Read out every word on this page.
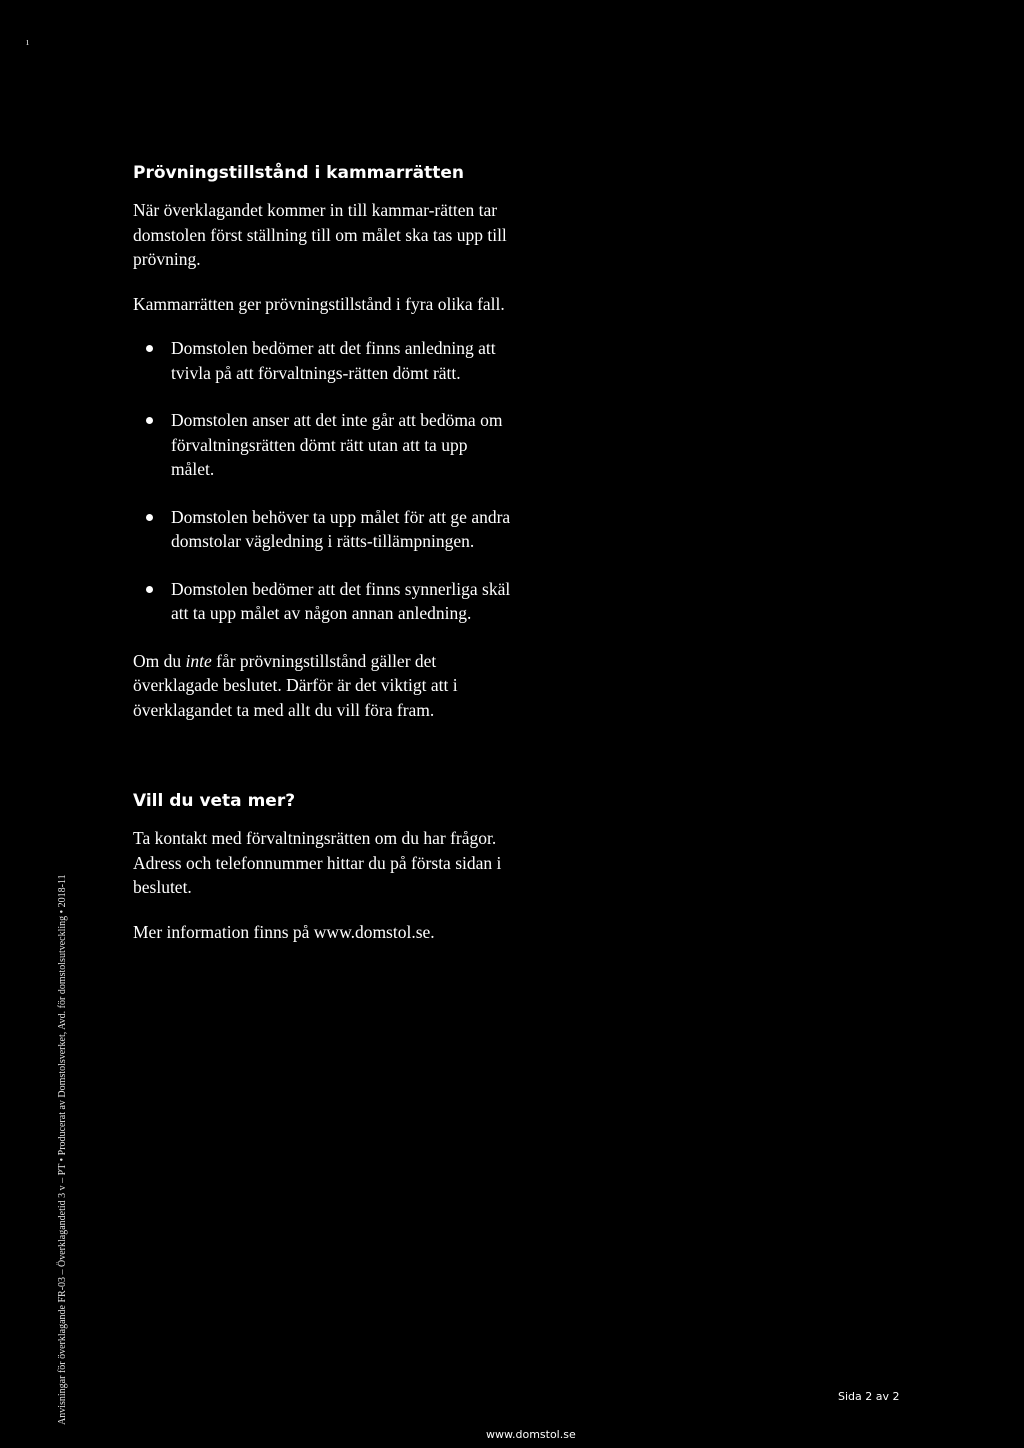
ı
Prövningstillstånd i kammarrätten

När överklagandet kommer in till kammar-rätten tar domstolen först ställning till om målet ska tas upp till prövning.

Kammarrätten ger prövningstillstånd i fyra olika fall.

Domstolen bedömer att det finns anledning att tvivla på att förvaltnings-rätten dömt rätt.
Domstolen anser att det inte går att bedöma om förvaltningsrätten dömt rätt utan att ta upp målet.
Domstolen behöver ta upp målet för att ge andra domstolar vägledning i rätts-tillämpningen.
Domstolen bedömer att det finns synnerliga skäl att ta upp målet av någon annan anledning.

Om du inte får prövningstillstånd gäller det överklagade beslutet. Därför är det viktigt att i överklagandet ta med allt du vill föra fram.

Vill du veta mer?

Ta kontakt med förvaltningsrätten om du har frågor. Adress och telefonnummer hittar du på första sidan i beslutet.

Mer information finns på www.domstol.se.

Anvisningar för överklagande FR-03 – Överklagandetid 3 v – PT • Producerat av Domstolsverket, Avd. för domstolsutveckling • 2018-11	Sida 2 av 2
www.domstol.se
